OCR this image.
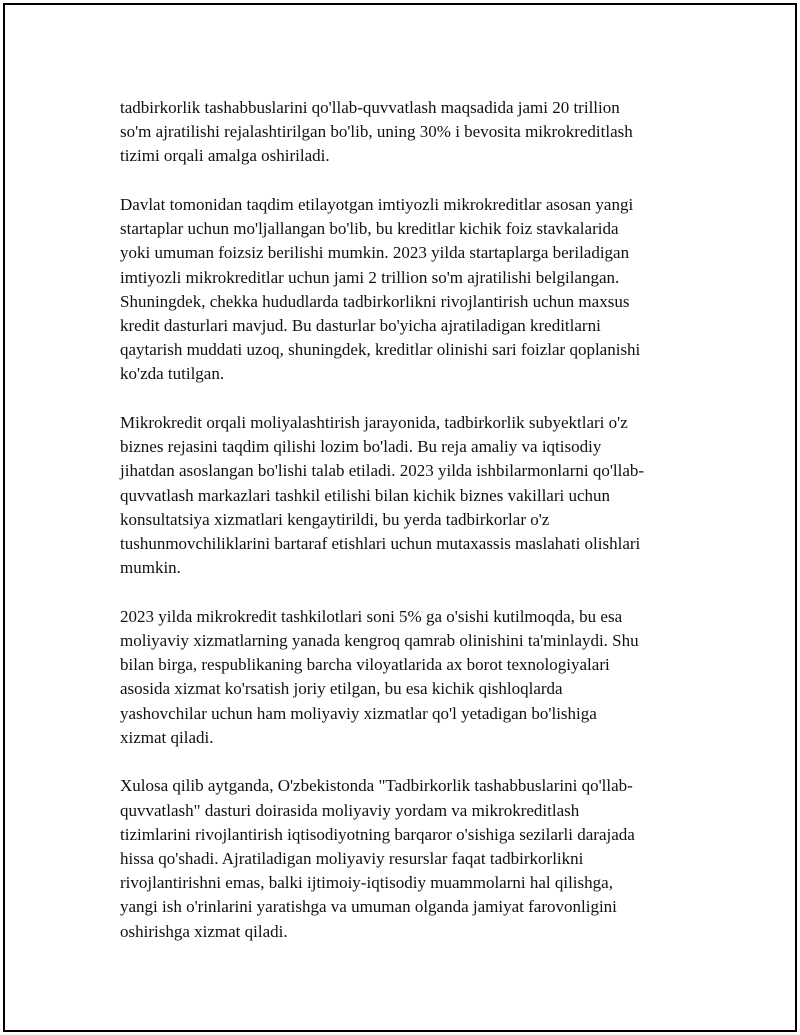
tadbirkorlik tashabbuslarini qo'llab-quvvatlash maqsadida jami 20 trillion
so'm ajratilishi rejalashtirilgan bo'lib, uning 30% i bevosita mikrokreditlash
tizimi orqali amalga oshiriladi.

Davlat tomonidan taqdim etilayotgan imtiyozli mikrokreditlar asosan yangi
startaplar uchun mo'ljallangan bo'lib, bu kreditlar kichik foiz stavkalarida
yoki umuman foizsiz berilishi mumkin. 2023 yilda startaplarga beriladigan
imtiyozli mikrokreditlar uchun jami 2 trillion so'm ajratilishi belgilangan.
Shuningdek, chekka hududlarda tadbirkorlikni rivojlantirish uchun maxsus
kredit dasturlari mavjud. Bu dasturlar bo'yicha ajratiladigan kreditlarni
qaytarish muddati uzoq, shuningdek, kreditlar olinishi sari foizlar qoplanishi
ko'zda tutilgan.

Mikrokredit orqali moliyalashtirish jarayonida, tadbirkorlik subyektlari o'z
biznes rejasini taqdim qilishi lozim bo'ladi. Bu reja amaliy va iqtisodiy
jihatdan asoslangan bo'lishi talab etiladi. 2023 yilda ishbilarmonlarni qo'llab-
quvvatlash markazlari tashkil etilishi bilan kichik biznes vakillari uchun
konsultatsiya xizmatlari kengaytirildi, bu yerda tadbirkorlar o'z
tushunmovchiliklarini bartaraf etishlari uchun mutaxassis maslahati olishlari
mumkin.

2023 yilda mikrokredit tashkilotlari soni 5% ga o'sishi kutilmoqda, bu esa
moliyaviy xizmatlarning yanada kengroq qamrab olinishini ta'minlaydi. Shu
bilan birga, respublikaning barcha viloyatlarida ax borot texnologiyalari
asosida xizmat ko'rsatish joriy etilgan, bu esa kichik qishloqlarda
yashovchilar uchun ham moliyaviy xizmatlar qo'l yetadigan bo'lishiga
xizmat qiladi.

Xulosa qilib aytganda, O'zbekistonda "Tadbirkorlik tashabbuslarini qo'llab-
quvvatlash" dasturi doirasida moliyaviy yordam va mikrokreditlash
tizimlarini rivojlantirish iqtisodiyotning barqaror o'sishiga sezilarli darajada
hissa qo'shadi. Ajratiladigan moliyaviy resurslar faqat tadbirkorlikni
rivojlantirishni emas, balki ijtimoiy-iqtisodiy muammolarni hal qilishga,
yangi ish o'rinlarini yaratishga va umuman olganda jamiyat farovonligini
oshirishga xizmat qiladi.
